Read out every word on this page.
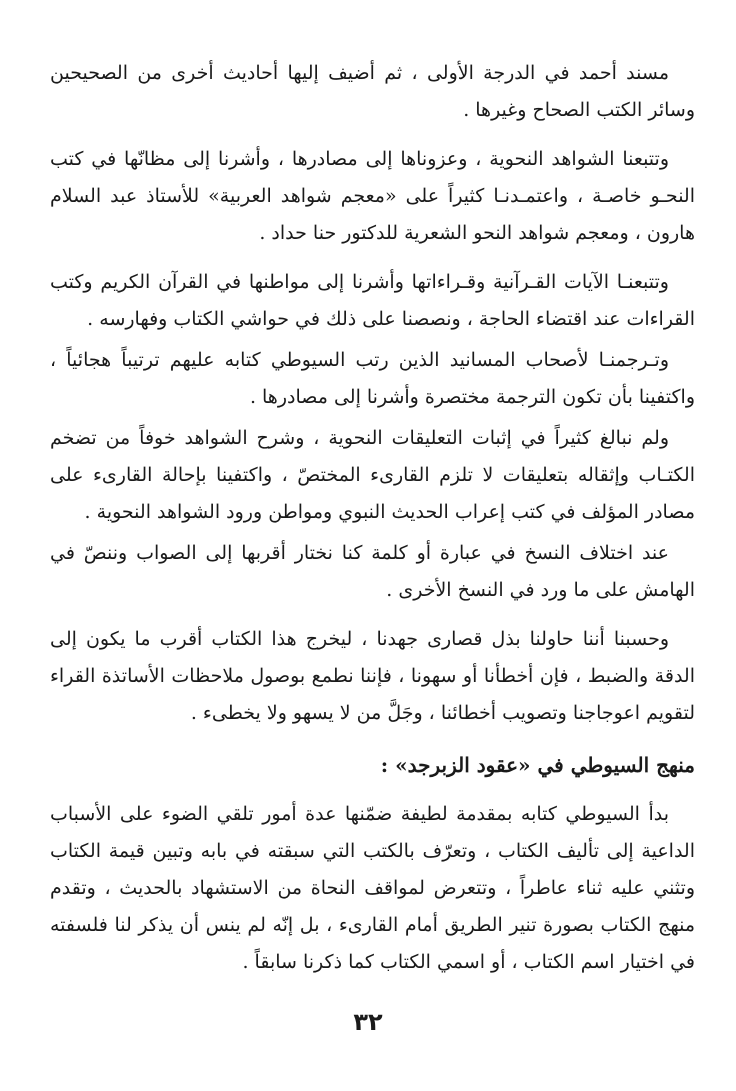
مسند أحمد في الدرجة الأولى ، ثم أضيف إليها أحاديث أخرى من الصحيحين وسائر الكتب الصحاح وغيرها .

وتتبعنا الشواهد النحوية ، وعزوناها إلى مصادرها ، وأشرنا إلى مظانّها في كتب النحـو خاصـة ، واعتمـدنـا كثيراً على «معجم شواهد العربية» للأستاذ عبد السلام هارون ، ومعجم شواهد النحو الشعرية للدكتور حنا حداد .

وتتبعنـا الآيات القـرآنية وقـراءاتها وأشرنا إلى مواطنها في القرآن الكريم وكتب القراءات عند اقتضاء الحاجة ، ونصصنا على ذلك في حواشي الكتاب وفهارسه .

وتـرجمنـا لأصحاب المسانيد الذين رتب السيوطي كتابه عليهم ترتيباً هجائياً ، واكتفينا بأن تكون الترجمة مختصرة وأشرنا إلى مصادرها .

ولم نبالغ كثيراً في إثبات التعليقات النحوية ، وشرح الشواهد خوفاً من تضخم الكتـاب وإثقاله بتعليقات لا تلزم القارىء المختصّ ، واكتفينا بإحالة القارىء على مصادر المؤلف في كتب إعراب الحديث النبوي ومواطن ورود الشواهد النحوية .

عند اختلاف النسخ في عبارة أو كلمة كنا نختار أقربها إلى الصواب وننصّ في الهامش على ما ورد في النسخ الأخرى .

وحسبنا أننا حاولنا بذل قصارى جهدنا ، ليخرج هذا الكتاب أقرب ما يكون إلى الدقة والضبط ، فإن أخطأنا أو سهونا ، فإننا نطمع بوصول ملاحظات الأساتذة القراء لتقويم اعوجاجنا وتصويب أخطائنا ، وجَلَّ من لا يسهو ولا يخطىء .

منهج السيوطي في «عقود الزبرجد» :

بدأ السيوطي كتابه بمقدمة لطيفة ضمّنها عدة أمور تلقي الضوء على الأسباب الداعية إلى تأليف الكتاب ، وتعرّف بالكتب التي سبقته في بابه وتبين قيمة الكتاب وتثني عليه ثناء عاطراً ، وتتعرض لمواقف النحاة من الاستشهاد بالحديث ، وتقدم منهج الكتاب بصورة تنير الطريق أمام القارىء ، بل إنّه لم ينس أن يذكر لنا فلسفته في اختيار اسم الكتاب ، أو اسمي الكتاب كما ذكرنا سابقاً .

٣٢
